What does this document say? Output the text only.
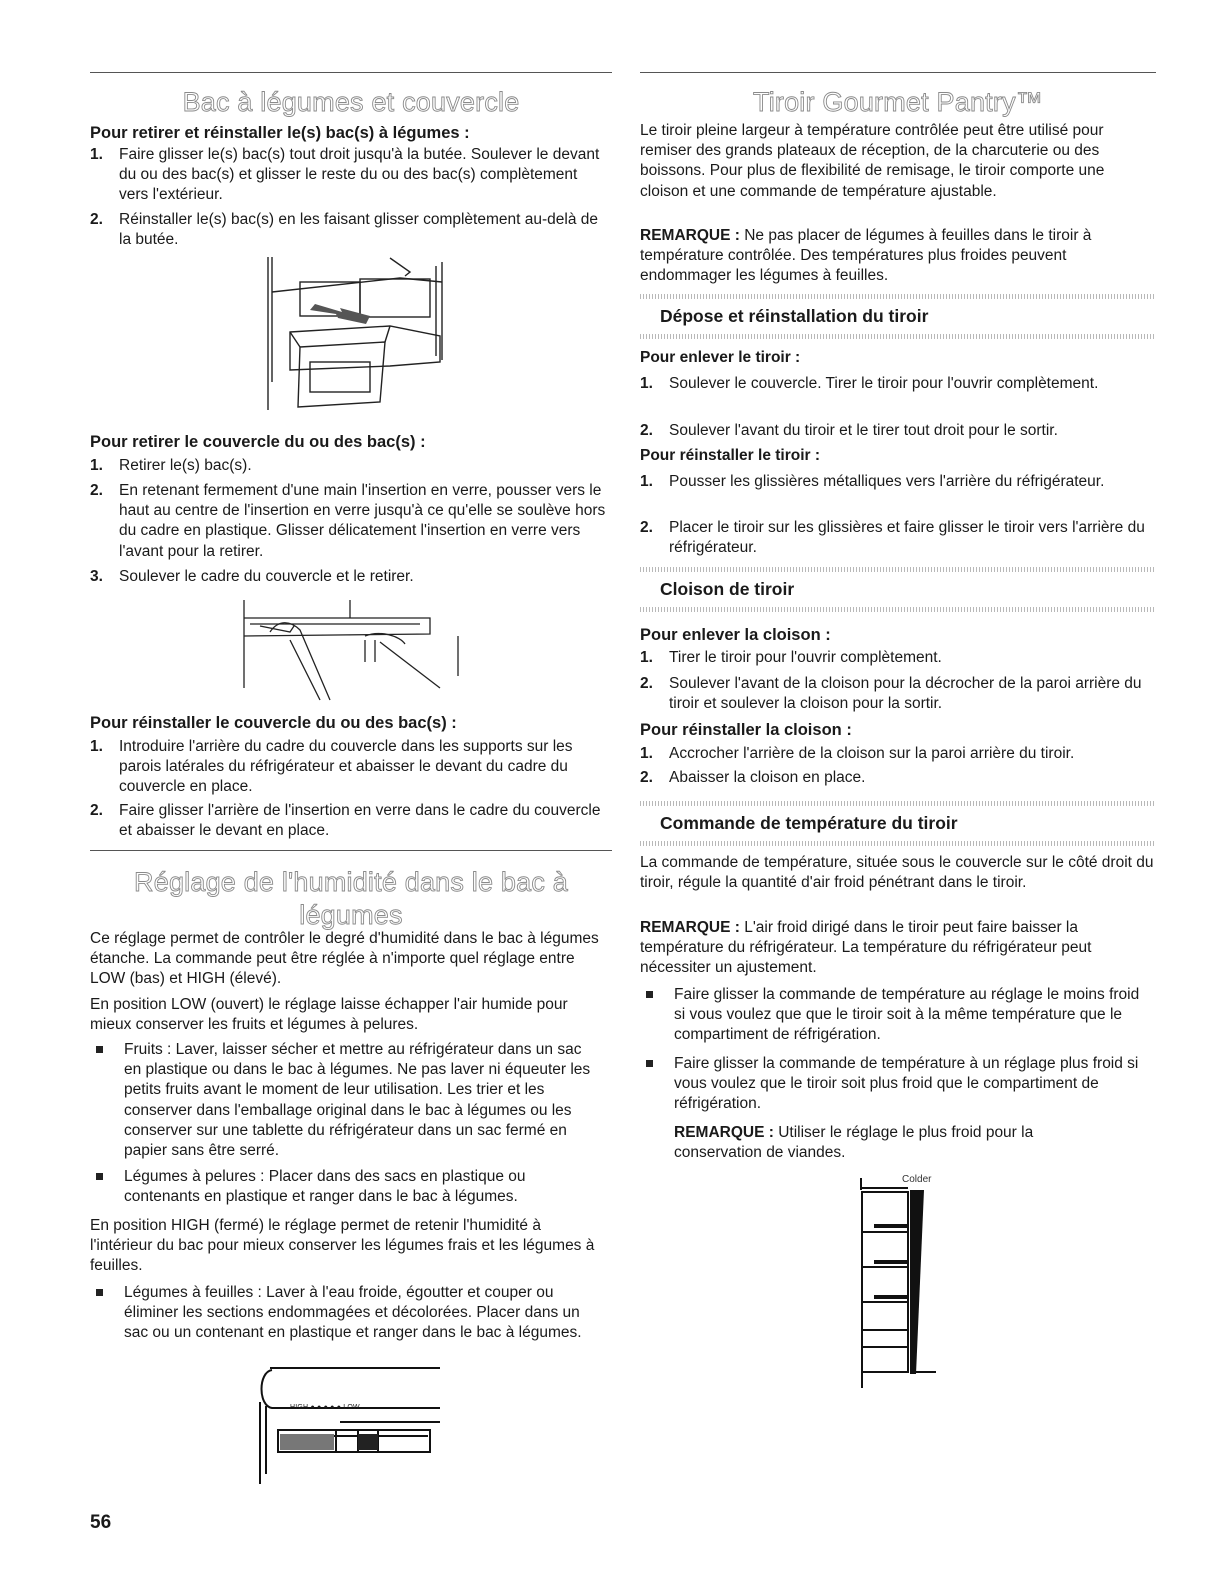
Bac à légumes et couvercle
Pour retirer et réinstaller le(s) bac(s) à légumes :
1. Faire glisser le(s) bac(s) tout droit jusqu'à la butée. Soulever le devant du ou des bac(s) et glisser le reste du ou des bac(s) complètement vers l'extérieur.
2. Réinstaller le(s) bac(s) en les faisant glisser complètement au-delà de la butée.
Pour retirer le couvercle du ou des bac(s) :
1. Retirer le(s) bac(s).
2. En retenant fermement d'une main l'insertion en verre, pousser vers le haut au centre de l'insertion en verre jusqu'à ce qu'elle se soulève hors du cadre en plastique. Glisser délicatement l'insertion en verre vers l'avant pour la retirer.
3. Soulever le cadre du couvercle et le retirer.
Pour réinstaller le couvercle du ou des bac(s) :
1. Introduire l'arrière du cadre du couvercle dans les supports sur les parois latérales du réfrigérateur et abaisser le devant du cadre du couvercle en place.
2. Faire glisser l'arrière de l'insertion en verre dans le cadre du couvercle et abaisser le devant en place.
Réglage de l'humidité dans le bac à légumes
Ce réglage permet de contrôler le degré d'humidité dans le bac à légumes étanche. La commande peut être réglée à n'importe quel réglage entre LOW (bas) et HIGH (élevé).
En position LOW (ouvert) le réglage laisse échapper l'air humide pour mieux conserver les fruits et légumes à pelures.
Fruits : Laver, laisser sécher et mettre au réfrigérateur dans un sac en plastique ou dans le bac à légumes. Ne pas laver ni équeuter les petits fruits avant le moment de leur utilisation. Les trier et les conserver dans l'emballage original dans le bac à légumes ou les conserver sur une tablette du réfrigérateur dans un sac fermé en papier sans être serré.
Légumes à pelures : Placer dans des sacs en plastique ou contenants en plastique et ranger dans le bac à légumes.
En position HIGH (fermé) le réglage permet de retenir l'humidité à l'intérieur du bac pour mieux conserver les légumes frais et les légumes à feuilles.
Légumes à feuilles : Laver à l'eau froide, égoutter et couper ou éliminer les sections endommagées et décolorées. Placer dans un sac ou un contenant en plastique et ranger dans le bac à légumes.
HIGH ● ● ● ● ● LOW
Tiroir Gourmet Pantry™
Le tiroir pleine largeur à température contrôlée peut être utilisé pour remiser des grands plateaux de réception, de la charcuterie ou des boissons. Pour plus de flexibilité de remisage, le tiroir comporte une cloison et une commande de température ajustable.
REMARQUE : Ne pas placer de légumes à feuilles dans le tiroir à température contrôlée. Des températures plus froides peuvent endommager les légumes à feuilles.
Dépose et réinstallation du tiroir
Pour enlever le tiroir :
1. Soulever le couvercle. Tirer le tiroir pour l'ouvrir complètement.
2. Soulever l'avant du tiroir et le tirer tout droit pour le sortir.
Pour réinstaller le tiroir :
1. Pousser les glissières métalliques vers l'arrière du réfrigérateur.
2. Placer le tiroir sur les glissières et faire glisser le tiroir vers l'arrière du réfrigérateur.
Cloison de tiroir
Pour enlever la cloison :
1. Tirer le tiroir pour l'ouvrir complètement.
2. Soulever l'avant de la cloison pour la décrocher de la paroi arrière du tiroir et soulever la cloison pour la sortir.
Pour réinstaller la cloison :
1. Accrocher l'arrière de la cloison sur la paroi arrière du tiroir.
2. Abaisser la cloison en place.
Commande de température du tiroir
La commande de température, située sous le couvercle sur le côté droit du tiroir, régule la quantité d'air froid pénétrant dans le tiroir.
REMARQUE : L'air froid dirigé dans le tiroir peut faire baisser la température du réfrigérateur. La température du réfrigérateur peut nécessiter un ajustement.
Faire glisser la commande de température au réglage le moins froid si vous voulez que que le tiroir soit à la même température que le compartiment de réfrigération.
Faire glisser la commande de température à un réglage plus froid si vous voulez que le tiroir soit plus froid que le compartiment de réfrigération.
REMARQUE : Utiliser le réglage le plus froid pour la conservation de viandes.
Colder
56
